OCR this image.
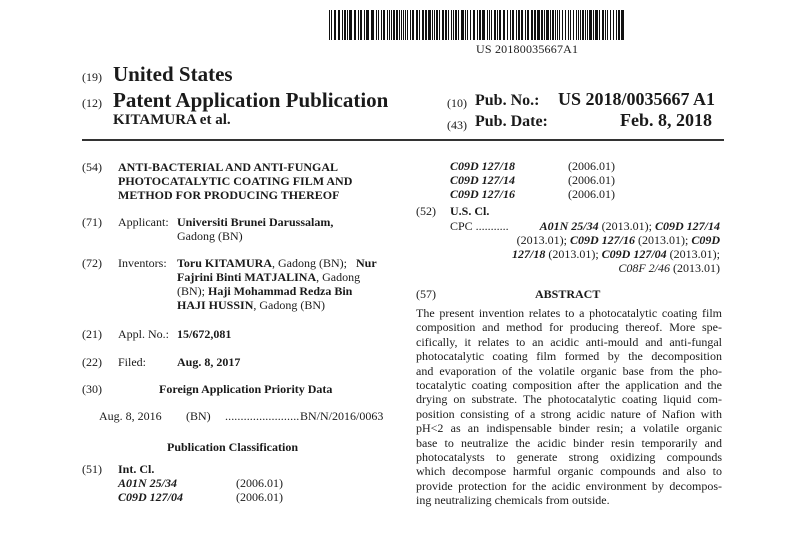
US 20180035667A1
(19) United States
(12) Patent Application Publication
KITAMURA et al.
(10) Pub. No.: US 2018/0035667 A1
(43) Pub. Date:	Feb. 8, 2018
(54) ANTI-BACTERIAL AND ANTI-FUNGAL
PHOTOCATALYTIC COATING FILM AND
METHOD FOR PRODUCING THEREOF
(71) Applicant: Universiti Brunei Darussalam,
Gadong (BN)
(72) Inventors: Toru KITAMURA, Gadong (BN); Nur
Fajrini Binti MATJALINA, Gadong
(BN); Haji Mohammad Redza Bin
HAJI HUSSIN, Gadong (BN)
(21) Appl. No.: 15/672,081
(22) Filed:	Aug. 8, 2017
(30)	Foreign Application Priority Data
Aug. 8, 2016 (BN) ........................ BN/N/2016/0063
Publication Classification
(51) Int. Cl.
A01N 25/34	(2006.01)
C09D 127/04	(2006.01)
C09D 127/18	(2006.01)
C09D 127/14	(2006.01)
C09D 127/16	(2006.01)
(52) U.S. Cl.
CPC ...........	A01N 25/34 (2013.01); C09D 127/14
(2013.01); C09D 127/16 (2013.01); C09D
127/18 (2013.01); C09D 127/04 (2013.01);
C08F 2/46 (2013.01)
(57)	ABSTRACT
The present invention relates to a photocatalytic coating film
composition and method for producing thereof. More spe-
cifically, it relates to an acidic anti-mould and anti-fungal
photocatalytic coating film formed by the decomposition
and evaporation of the volatile organic base from the pho-
tocatalytic coating composition after the application and the
drying on substrate. The photocatalytic coating liquid com-
position consisting of a strong acidic nature of Nafion with
pH<2 as an indispensable binder resin; a volatile organic
base to neutralize the acidic binder resin temporarily and
photocatalysts to generate strong oxidizing compounds
which decompose harmful organic compounds and also to
provide protection for the acidic environment by decompos-
ing neutralizing chemicals from outside.
